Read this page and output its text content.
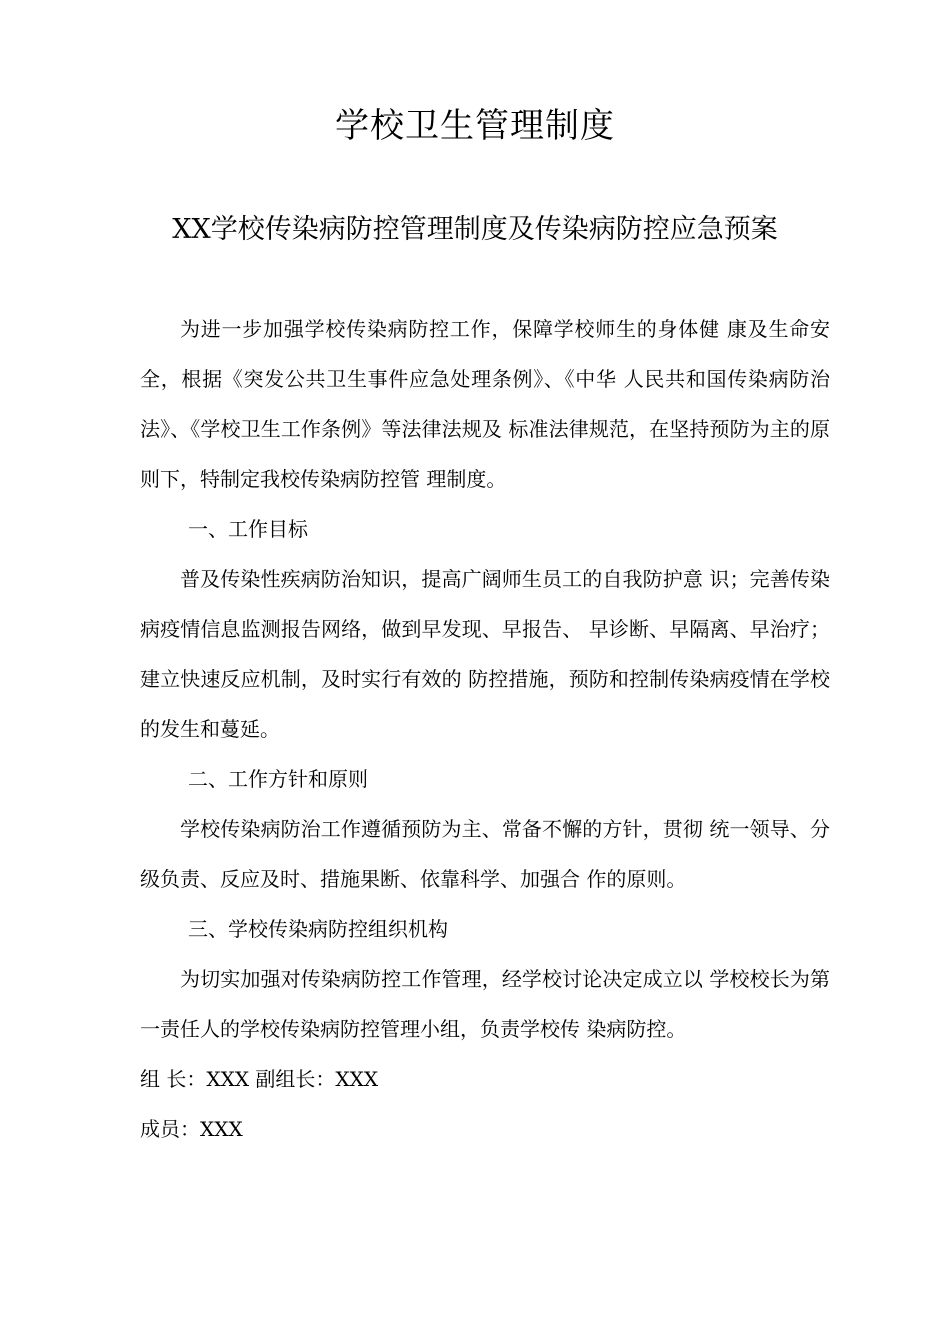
学校卫生管理制度
XX学校传染病防控管理制度及传染病防控应急预案
为进一步加强学校传染病防控工作，保障学校师生的身体健 康及生命安全，根据《突发公共卫生事件应急处理条例》、《中华 人民共和国传染病防治法》、《学校卫生工作条例》等法律法规及 标准法律规范，在坚持预防为主的原则下，特制定我校传染病防控管 理制度。
一、工作目标
普及传染性疾病防治知识，提高广阔师生员工的自我防护意 识；完善传染病疫情信息监测报告网络，做到早发现、早报告、 早诊断、早隔离、早治疗；建立快速反应机制，及时实行有效的 防控措施，预防和控制传染病疫情在学校的发生和蔓延。
二、工作方针和原则
学校传染病防治工作遵循预防为主、常备不懈的方针，贯彻 统一领导、分级负责、反应及时、措施果断、依靠科学、加强合 作的原则。
三、学校传染病防控组织机构
为切实加强对传染病防控工作管理，经学校讨论决定成立以 学校校长为第一责任人的学校传染病防控管理小组，负责学校传 染病防控。
组 长：XXX 副组长：XXX
成员：XXX
